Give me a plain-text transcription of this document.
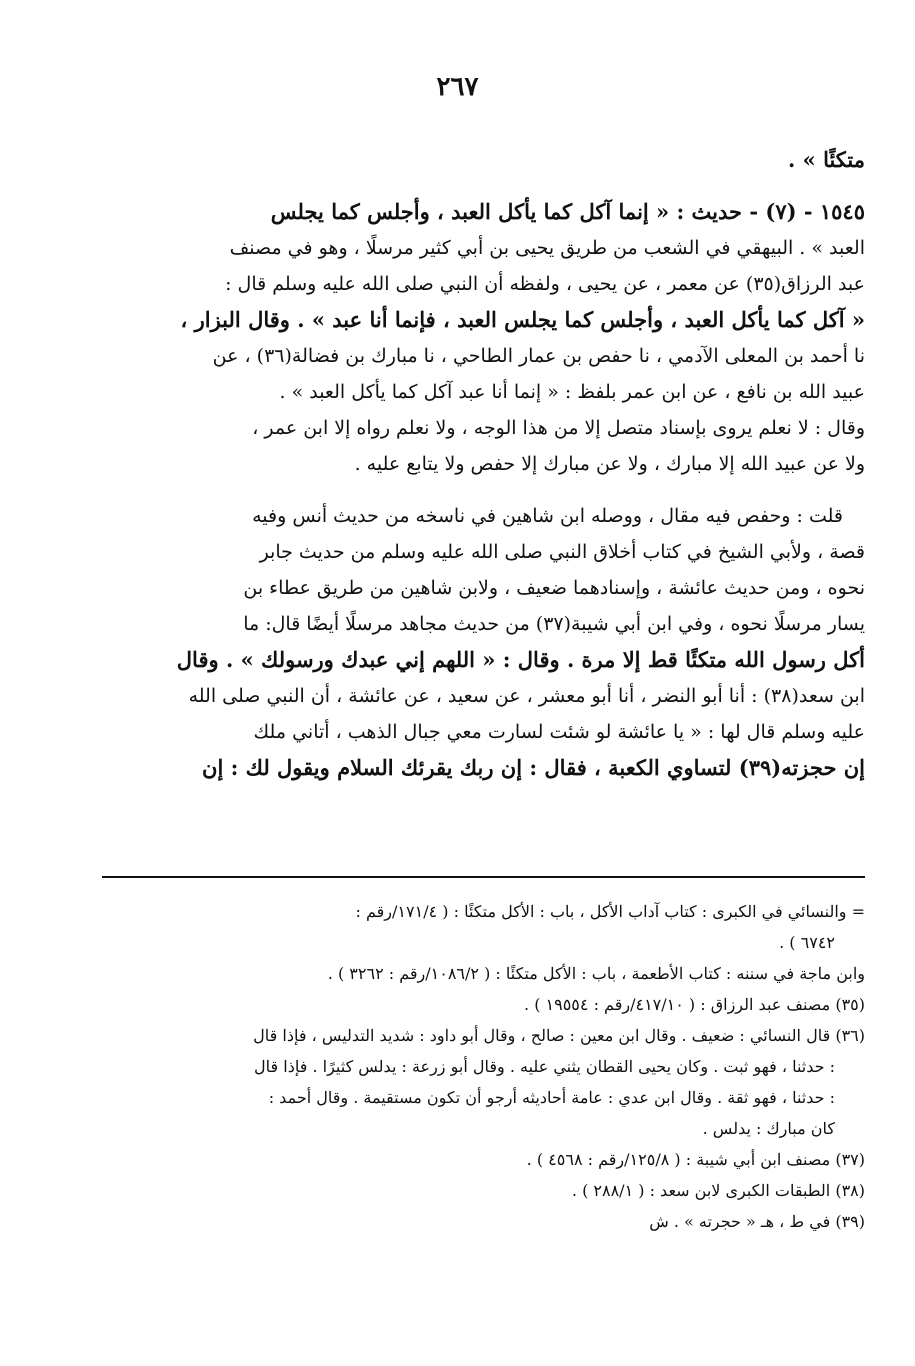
٢٦٧
متكئًا » .
١٥٤٥ - (٧) - حديث : « إنما آكل كما يأكل العبد ، وأجلس كما يجلس
العبد » . البيهقي في الشعب من طريق يحيى بن أبي كثير مرسلًا ، وهو في مصنف
عبد الرزاق(٣٥) عن معمر ، عن يحيى ، ولفظه أن النبي صلى الله عليه وسلم قال :
« آكل كما يأكل العبد ، وأجلس كما يجلس العبد ، فإنما أنا عبد » . وقال البزار ،
نا أحمد بن المعلى الآدمي ، نا حفص بن عمار الطاحي ، نا مبارك بن فضالة(٣٦) ، عن
عبيد الله بن نافع ، عن ابن عمر بلفظ : « إنما أنا عبد آكل كما يأكل العبد » .
وقال : لا نعلم يروى بإسناد متصل إلا من هذا الوجه ، ولا نعلم رواه إلا ابن عمر ،
ولا عن عبيد الله إلا مبارك ، ولا عن مبارك إلا حفص ولا يتابع عليه .
قلت : وحفص فيه مقال ، ووصله ابن شاهين في ناسخه من حديث أنس وفيه
قصة ، ولأبي الشيخ في كتاب أخلاق النبي صلى الله عليه وسلم من حديث جابر
نحوه ، ومن حديث عائشة ، وإسنادهما ضعيف ، ولابن شاهين من طريق عطاء بن
يسار مرسلًا نحوه ، وفي ابن أبي شيبة(٣٧) من حديث مجاهد مرسلًا أيضًا قال: ما
أكل رسول الله متكئًا قط إلا مرة . وقال : « اللهم إني عبدك ورسولك » . وقال
ابن سعد(٣٨) : أنا أبو النضر ، أنا أبو معشر ، عن سعيد ، عن عائشة ، أن النبي صلى الله
عليه وسلم قال لها : « يا عائشة لو شئت لسارت معي جبال الذهب ، أتاني ملك
إن حجزته(٣٩) لتساوي الكعبة ، فقال : إن ربك يقرئك السلام ويقول لك : إن
= والنسائي في الكبرى : كتاب آداب الأكل ، باب : الأكل متكئًا : ( ١٧١/٤/رقم :
٦٧٤٢ ) .
وابن ماجة في سننه : كتاب الأطعمة ، باب : الأكل متكئًا : ( ١٠٨٦/٢/رقم : ٣٢٦٢ ) .
(٣٥) مصنف عبد الرزاق : ( ٤١٧/١٠/رقم : ١٩٥٥٤ ) .
(٣٦) قال النسائي : ضعيف . وقال ابن معين : صالح ، وقال أبو داود : شديد التدليس ، فإذا قال
: حدثنا ، فهو ثبت . وكان يحيى القطان يثني عليه . وقال أبو زرعة : يدلس كثيرًا . فإذا قال
: حدثنا ، فهو ثقة . وقال ابن عدي : عامة أحاديثه أرجو أن تكون مستقيمة . وقال أحمد :
كان مبارك : يدلس .
(٣٧) مصنف ابن أبي شيبة : ( ١٢٥/٨/رقم : ٤٥٦٨ ) .
(٣٨) الطبقات الكبرى لابن سعد : ( ٢٨٨/١ ) .
(٣٩) في ط ، هـ « حجرته » . ش
